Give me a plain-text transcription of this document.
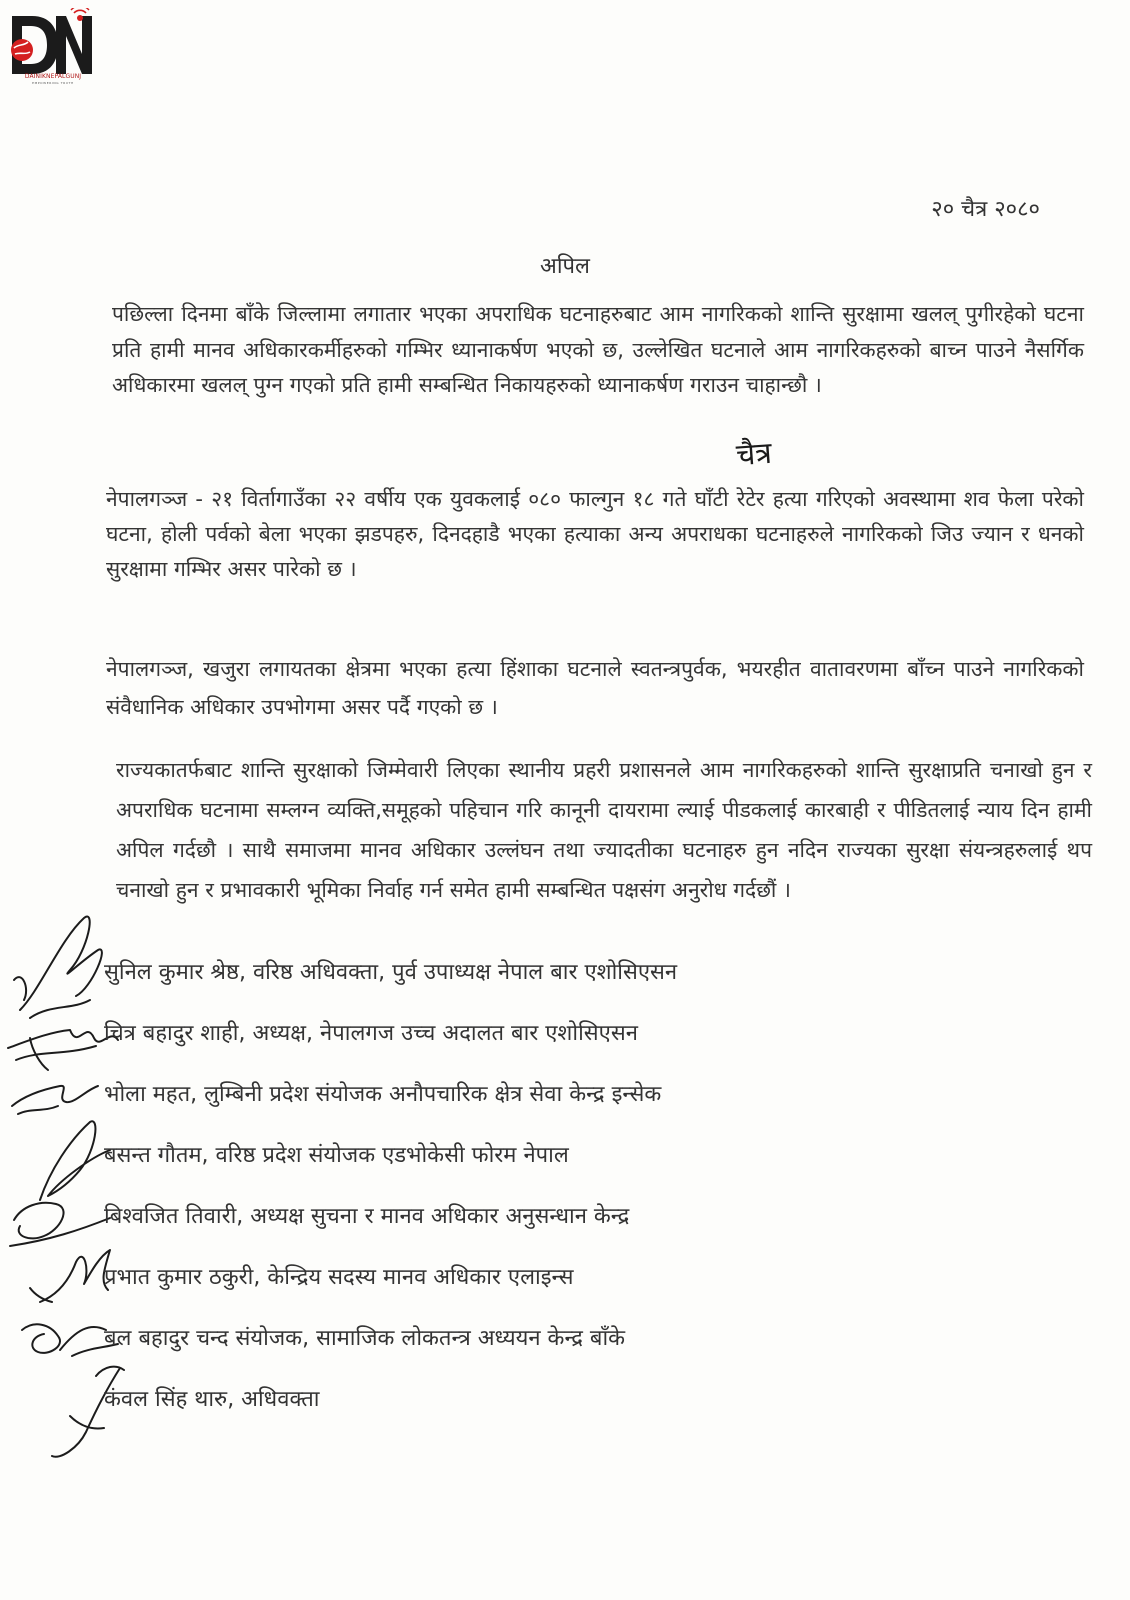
DAINIKNEPALGUNJ
EMPOWERING TRUTH
२० चैत्र २०८०
अपिल

पछिल्ला दिनमा बाँके जिल्लामा लगातार भएका अपराधिक घटनाहरुबाट आम नागरिकको शान्ति सुरक्षामा खलल् पुगीरहेको घटना प्रति हामी मानव अधिकारकर्मीहरुको गम्भिर ध्यानाकर्षण भएको छ, उल्लेखित घटनाले आम नागरिकहरुको बाच्न पाउने नैसर्गिक अधिकारमा खलल् पुग्न गएको प्रति हामी सम्बन्धित निकायहरुको ध्यानाकर्षण गराउन चाहान्छौ ।

चैत्र

नेपालगञ्ज - २१ विर्तागाउँका २२ वर्षीय एक युवकलाई ०८० फाल्गुन १८ गते घाँटी रेटेर हत्या गरिएको अवस्थामा शव फेला परेको घटना, होली पर्वको बेला भएका झडपहरु, दिनदहाडै भएका हत्याका अन्य अपराधका घटनाहरुले नागरिकको जिउ ज्यान र धनको सुरक्षामा गम्भिर असर पारेको छ ।

नेपालगञ्ज, खजुरा लगायतका क्षेत्रमा भएका हत्या हिंशाका घटनाले स्वतन्त्रपुर्वक, भयरहीत वातावरणमा बाँच्न पाउने नागरिकको संवैधानिक अधिकार उपभोगमा असर पर्दै गएको छ ।

राज्यकातर्फबाट शान्ति सुरक्षाको जिम्मेवारी लिएका स्थानीय प्रहरी प्रशासनले आम नागरिकहरुको शान्ति सुरक्षाप्रति चनाखो हुन र अपराधिक घटनामा सम्लग्न व्यक्ति,समूहको पहिचान गरि कानूनी दायरामा ल्याई पीडकलाई कारबाही र पीडितलाई न्याय दिन हामी अपिल गर्दछौ । साथै समाजमा मानव अधिकार उल्लंघन तथा ज्यादतीका घटनाहरु हुन नदिन राज्यका सुरक्षा संयन्त्रहरुलाई थप चनाखो हुन र प्रभावकारी भूमिका निर्वाह गर्न समेत हामी सम्बन्धित पक्षसंग अनुरोध गर्दछौं ।

सुनिल कुमार श्रेष्ठ, वरिष्ठ अधिवक्ता, पुर्व उपाध्यक्ष नेपाल बार एशोसिएसन
चित्र बहादुर शाही, अध्यक्ष, नेपालगज उच्च अदालत बार एशोसिएसन
भोला महत, लुम्बिनी प्रदेश संयोजक अनौपचारिक क्षेत्र सेवा केन्द्र इन्सेक
बसन्त गौतम, वरिष्ठ प्रदेश संयोजक एडभोकेसी फोरम नेपाल
बिश्वजित तिवारी, अध्यक्ष सुचना र मानव अधिकार अनुसन्धान केन्द्र
प्रभात कुमार ठकुरी, केन्द्रिय सदस्य मानव अधिकार एलाइन्स
बल बहादुर चन्द संयोजक, सामाजिक लोकतन्त्र अध्ययन केन्द्र बाँके
कंवल सिंह थारु, अधिवक्ता
